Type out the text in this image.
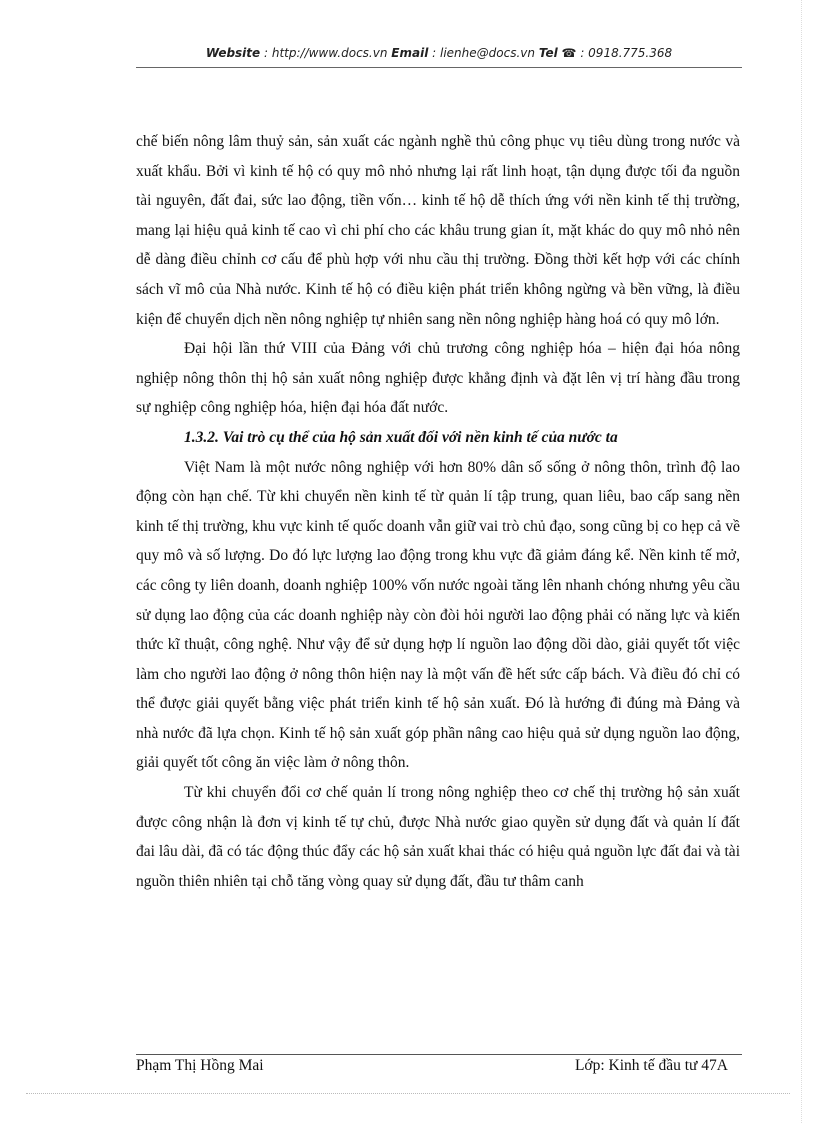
Website : http://www.docs.vn Email : lienhe@docs.vn Tel ☎ : 0918.775.368

chế biến nông lâm thuỷ sản, sản xuất các ngành nghề thủ công phục vụ tiêu dùng trong nước và xuất khẩu. Bởi vì kinh tế hộ có quy mô nhỏ nhưng lại rất linh hoạt, tận dụng được tối đa nguồn tài nguyên, đất đai, sức lao động, tiền vốn… kinh tế hộ dễ thích ứng với nền kinh tế thị trường, mang lại hiệu quả kinh tế cao vì chi phí cho các khâu trung gian ít, mặt khác do quy mô nhỏ nên dễ dàng điều chỉnh cơ cấu để phù hợp với nhu cầu thị trường. Đồng thời kết hợp với các chính sách vĩ mô của Nhà nước. Kinh tế hộ có điều kiện phát triển không ngừng và bền vững, là điều kiện để chuyển dịch nền nông nghiệp tự nhiên sang nền nông nghiệp hàng hoá có quy mô lớn.

Đại hội lần thứ VIII của Đảng với chủ trương công nghiệp hóa – hiện đại hóa nông nghiệp nông thôn thị hộ sản xuất nông nghiệp được khẳng định và đặt lên vị trí hàng đầu trong sự nghiệp công nghiệp hóa, hiện đại hóa đất nước.

1.3.2. Vai trò cụ thể của hộ sản xuất đối với nền kinh tế của nước ta

Việt Nam là một nước nông nghiệp với hơn 80% dân số sống ở nông thôn, trình độ lao động còn hạn chế. Từ khi chuyển nền kinh tế từ quản lí tập trung, quan liêu, bao cấp sang nền kinh tế thị trường, khu vực kinh tế quốc doanh vẫn giữ vai trò chủ đạo, song cũng bị co hẹp cả về quy mô và số lượng. Do đó lực lượng lao động trong khu vực đã giảm đáng kể. Nền kinh tế mở, các công ty liên doanh, doanh nghiệp 100% vốn nước ngoài tăng lên nhanh chóng nhưng yêu cầu sử dụng lao động của các doanh nghiệp này còn đòi hỏi người lao động phải có năng lực và kiến thức kĩ thuật, công nghệ. Như vậy để sử dụng hợp lí nguồn lao động dồi dào, giải quyết tốt việc làm cho người lao động ở nông thôn hiện nay là một vấn đề hết sức cấp bách. Và điều đó chỉ có thể được giải quyết bằng việc phát triển kinh tế hộ sản xuất. Đó là hướng đi đúng mà Đảng và nhà nước đã lựa chọn. Kinh tế hộ sản xuất góp phần nâng cao hiệu quả sử dụng nguồn lao động, giải quyết tốt công ăn việc làm ở nông thôn.

Từ khi chuyển đổi cơ chế quản lí trong nông nghiệp theo cơ chế thị trường hộ sản xuất được công nhận là đơn vị kinh tế tự chủ, được Nhà nước giao quyền sử dụng đất và quản lí đất đai lâu dài, đã có tác động thúc đẩy các hộ sản xuất khai thác có hiệu quả nguồn lực đất đai và tài nguồn thiên nhiên tại chỗ tăng vòng quay sử dụng đất, đầu tư thâm canh

Phạm Thị Hồng Mai	Lớp: Kinh tế đầu tư 47A
